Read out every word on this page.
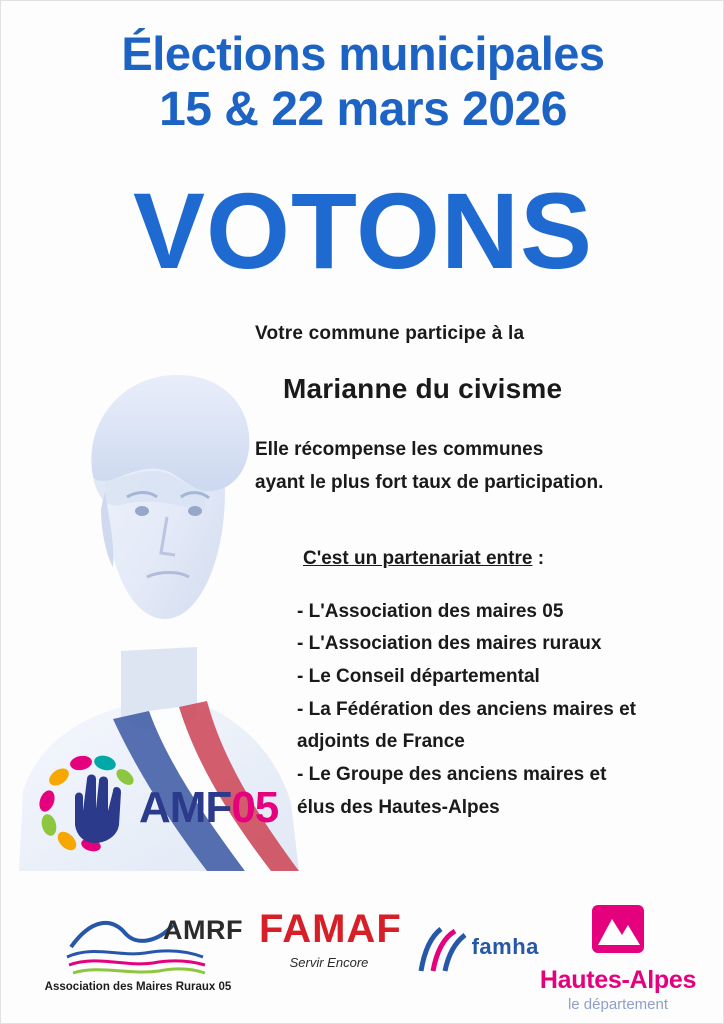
Élections municipales
15 & 22 mars 2026
VOTONS
Votre commune participe à la
Marianne du civisme
Elle récompense les communes
ayant le plus fort taux de participation.
C'est un partenariat entre :
- L'Association des maires 05
- L'Association des maires ruraux
- Le Conseil départemental
- La Fédération des anciens maires et
adjoints de France
- Le Groupe des anciens maires et
élus des Hautes-Alpes
AMF05
AMRF
Association des Maires Ruraux 05
FAMAF
Servir Encore
famha
Hautes-Alpes
le département
